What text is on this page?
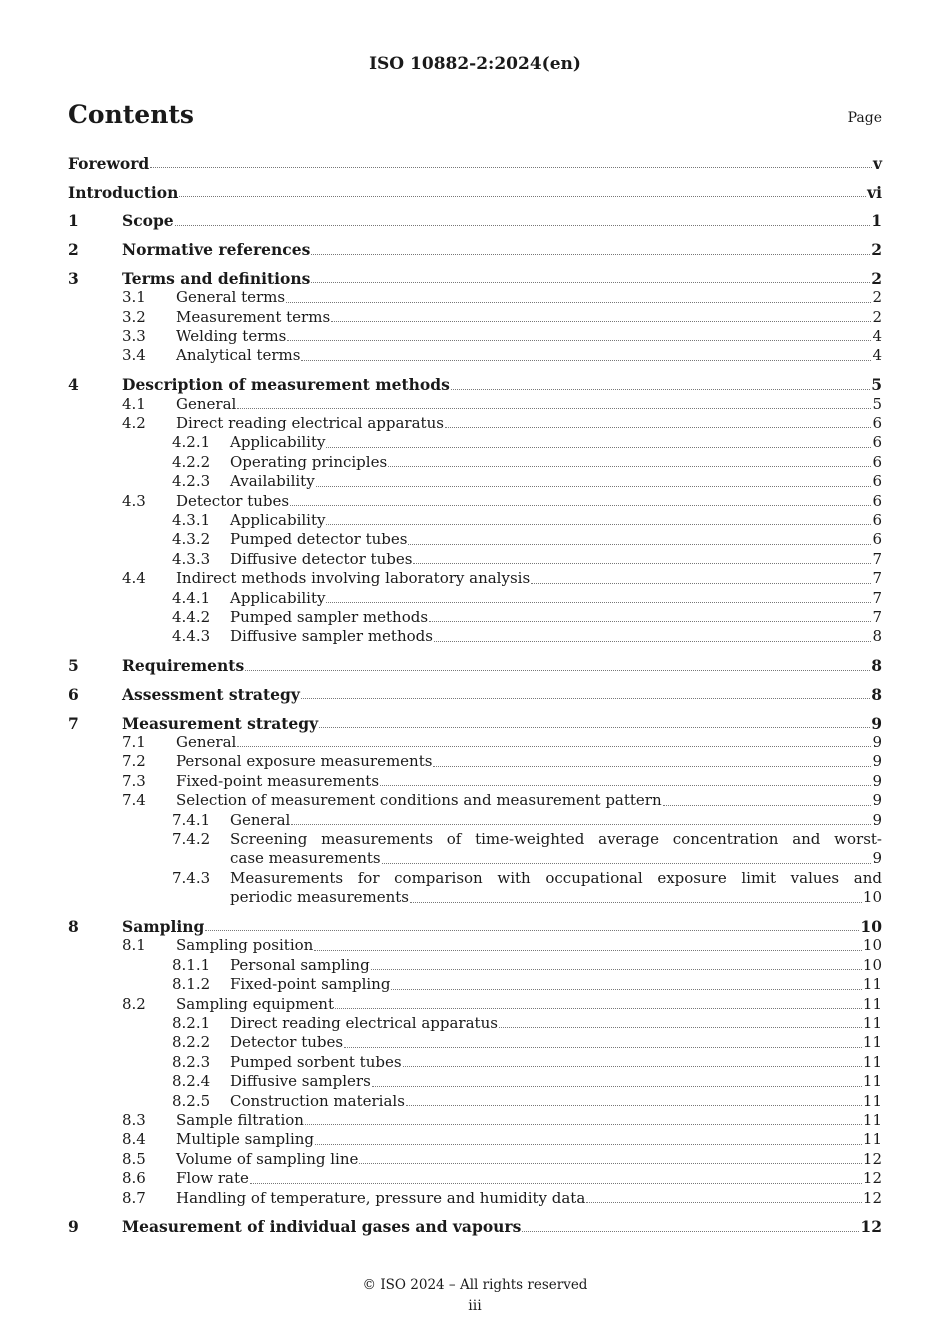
ISO 10882-2:2024(en)
Contents	Page
Foreword	v
Introduction	vi
1	Scope	1
2	Normative references	2
3	Terms and definitions	2
3.1	General terms	2
3.2	Measurement terms	2
3.3	Welding terms	4
3.4	Analytical terms	4
4	Description of measurement methods	5
4.1	General	5
4.2	Direct reading electrical apparatus	6
4.2.1	Applicability	6
4.2.2	Operating principles	6
4.2.3	Availability	6
4.3	Detector tubes	6
4.3.1	Applicability	6
4.3.2	Pumped detector tubes	6
4.3.3	Diffusive detector tubes	7
4.4	Indirect methods involving laboratory analysis	7
4.4.1	Applicability	7
4.4.2	Pumped sampler methods	7
4.4.3	Diffusive sampler methods	8
5	Requirements	8
6	Assessment strategy	8
7	Measurement strategy	9
7.1	General	9
7.2	Personal exposure measurements	9
7.3	Fixed-point measurements	9
7.4	Selection of measurement conditions and measurement pattern	9
7.4.1	General	9
7.4.2	Screening measurements of time-weighted average concentration and worst-
case measurements	9
7.4.3	Measurements for comparison with occupational exposure limit values and
periodic measurements	10
8	Sampling	10
8.1	Sampling position	10
8.1.1	Personal sampling	10
8.1.2	Fixed-point sampling	11
8.2	Sampling equipment	11
8.2.1	Direct reading electrical apparatus	11
8.2.2	Detector tubes	11
8.2.3	Pumped sorbent tubes	11
8.2.4	Diffusive samplers	11
8.2.5	Construction materials	11
8.3	Sample filtration	11
8.4	Multiple sampling	11
8.5	Volume of sampling line	12
8.6	Flow rate	12
8.7	Handling of temperature, pressure and humidity data	12
9	Measurement of individual gases and vapours	12
© ISO 2024 – All rights reserved
iii
